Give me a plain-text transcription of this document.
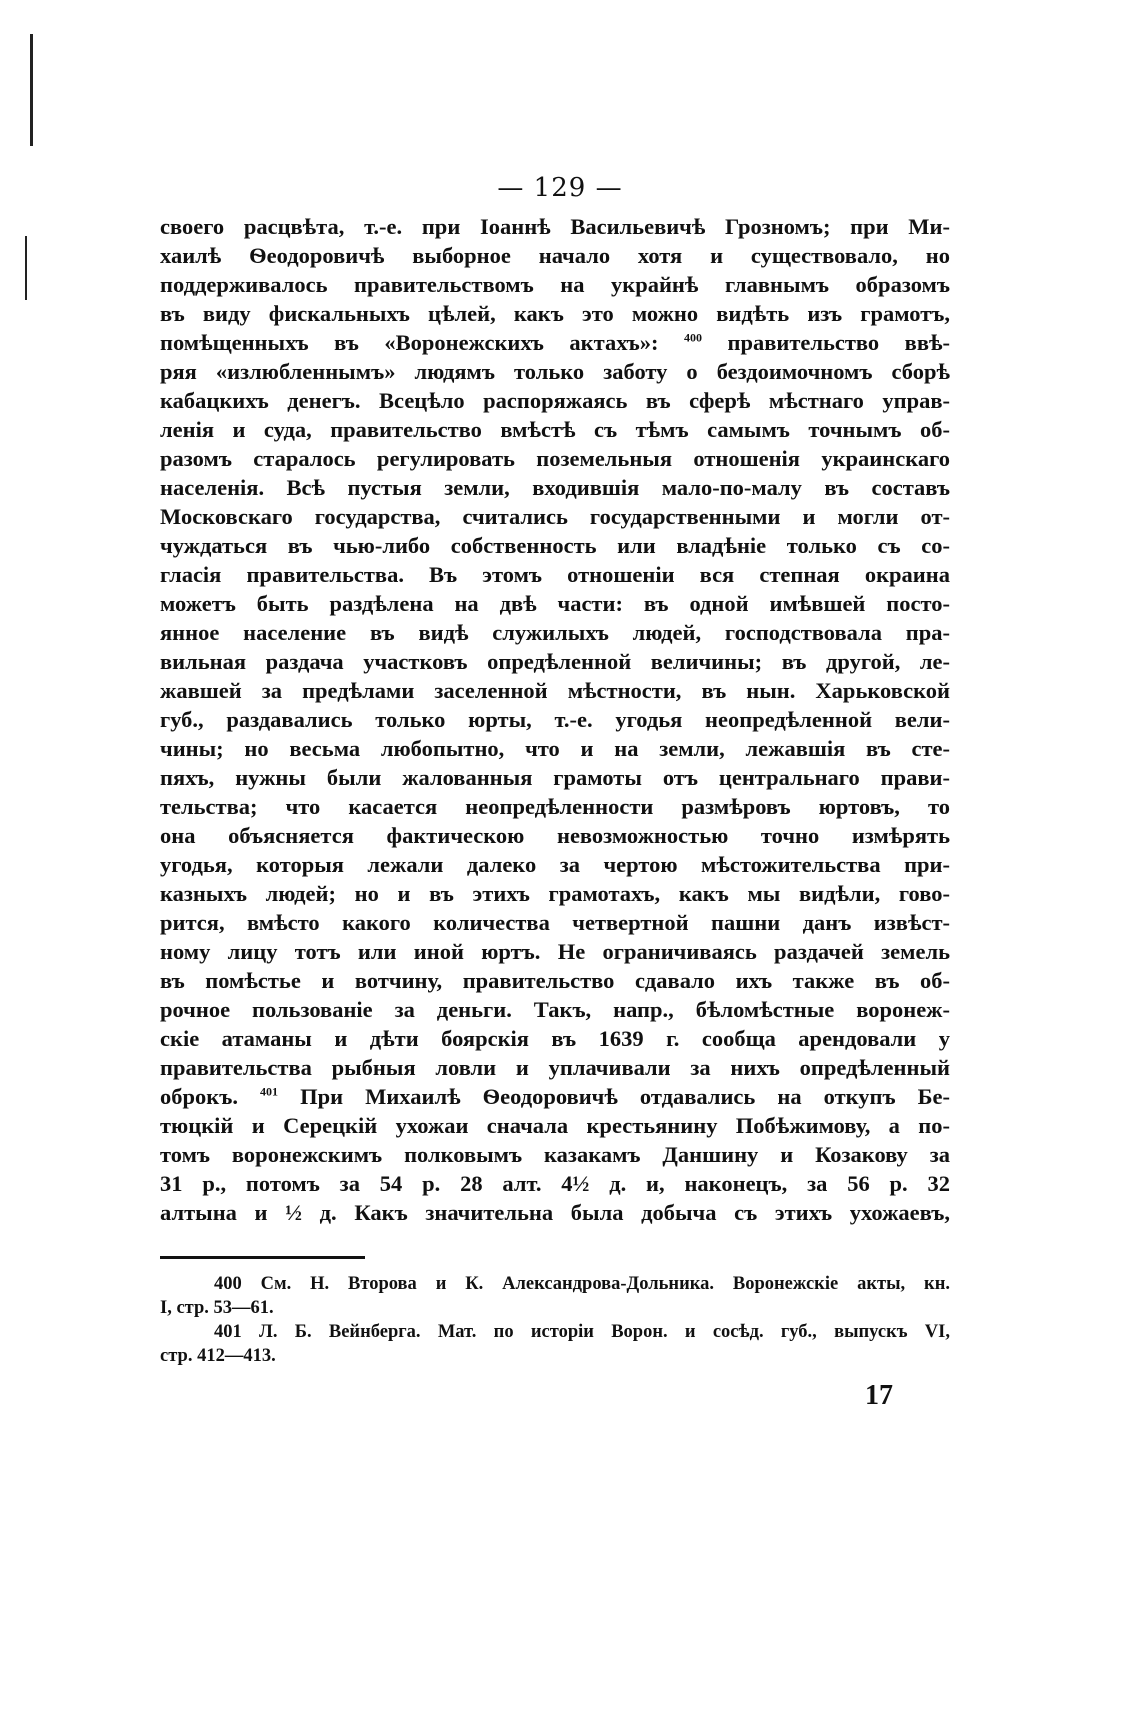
— 129 —
своего расцвѣта, т.-е. при Іоаннѣ Васильевичѣ Грозномъ; при Ми-
хаилѣ Ѳеодоровичѣ выборное начало хотя и существовало, но
поддерживалось правительствомъ на украйнѣ главнымъ образомъ
въ виду фискальныхъ цѣлей, какъ это можно видѣть изъ грамотъ,
помѣщенныхъ въ «Воронежскихъ актахъ»: $^{400}$ правительство ввѣ-
ряя «излюбленнымъ» людямъ только заботу о бездоимочномъ сборѣ
кабацкихъ денегъ. Всецѣло распоряжаясь въ сферѣ мѣстнаго управ-
ленія и суда, правительство вмѣстѣ съ тѣмъ самымъ точнымъ об-
разомъ старалось регулировать поземельныя отношенія украинскаго
населенія. Всѣ пустыя земли, входившія мало-по-малу въ составъ
Московскаго государства, считались государственными и могли от-
чуждаться въ чью-либо собственность или владѣніе только съ со-
гласія правительства. Въ этомъ отношеніи вся степная окраина
можетъ быть раздѣлена на двѣ части: въ одной имѣвшей посто-
янное население въ видѣ служилыхъ людей, господствовала пра-
вильная раздача участковъ опредѣленной величины; въ другой, ле-
жавшей за предѣлами заселенной мѣстности, въ нын. Харьковской
губ., раздавались только юрты, т.-е. угодья неопредѣленной вели-
чины; но весьма любопытно, что и на земли, лежавшія въ сте-
пяхъ, нужны были жалованныя грамоты отъ центральнаго прави-
тельства; что касается неопредѣленности размѣровъ юртовъ, то
она объясняется фактическою невозможностью точно измѣрять
угодья, которыя лежали далеко за чертою мѣстожительства при-
казныхъ людей; но и въ этихъ грамотахъ, какъ мы видѣли, гово-
рится, вмѣсто какого количества четвертной пашни данъ извѣст-
ному лицу тотъ или иной юртъ. Не ограничиваясь раздачей земель
въ помѣстье и вотчину, правительство сдавало ихъ также въ об-
рочное пользованіе за деньги. Такъ, напр., бѣломѣстные воронеж-
скіе атаманы и дѣти боярскія въ 1639 г. сообща арендовали у
правительства рыбныя ловли и уплачивали за нихъ опредѣленный
оброкъ. $^{401}$ При Михаилѣ Ѳеодоровичѣ отдавались на откупъ Бе-
тюцкій и Серецкій ухожаи сначала крестьянину Побѣжимову, а по-
томъ воронежскимъ полковымъ казакамъ Даншину и Козакову за
31 р., потомъ за 54 р. 28 алт. 4½ д. и, наконецъ, за 56 р. 32
алтына и ½ д. Какъ значительна была добыча съ этихъ ухожаевъ,
400 См. Н. Второва и К. Александрова-Дольника. Воронежскіе акты, кн.
I, стр. 53—61.
401 Л. Б. Вейнберга. Мат. по исторіи Ворон. и сосѣд. губ., выпускъ VI,
стр. 412—413.
17
